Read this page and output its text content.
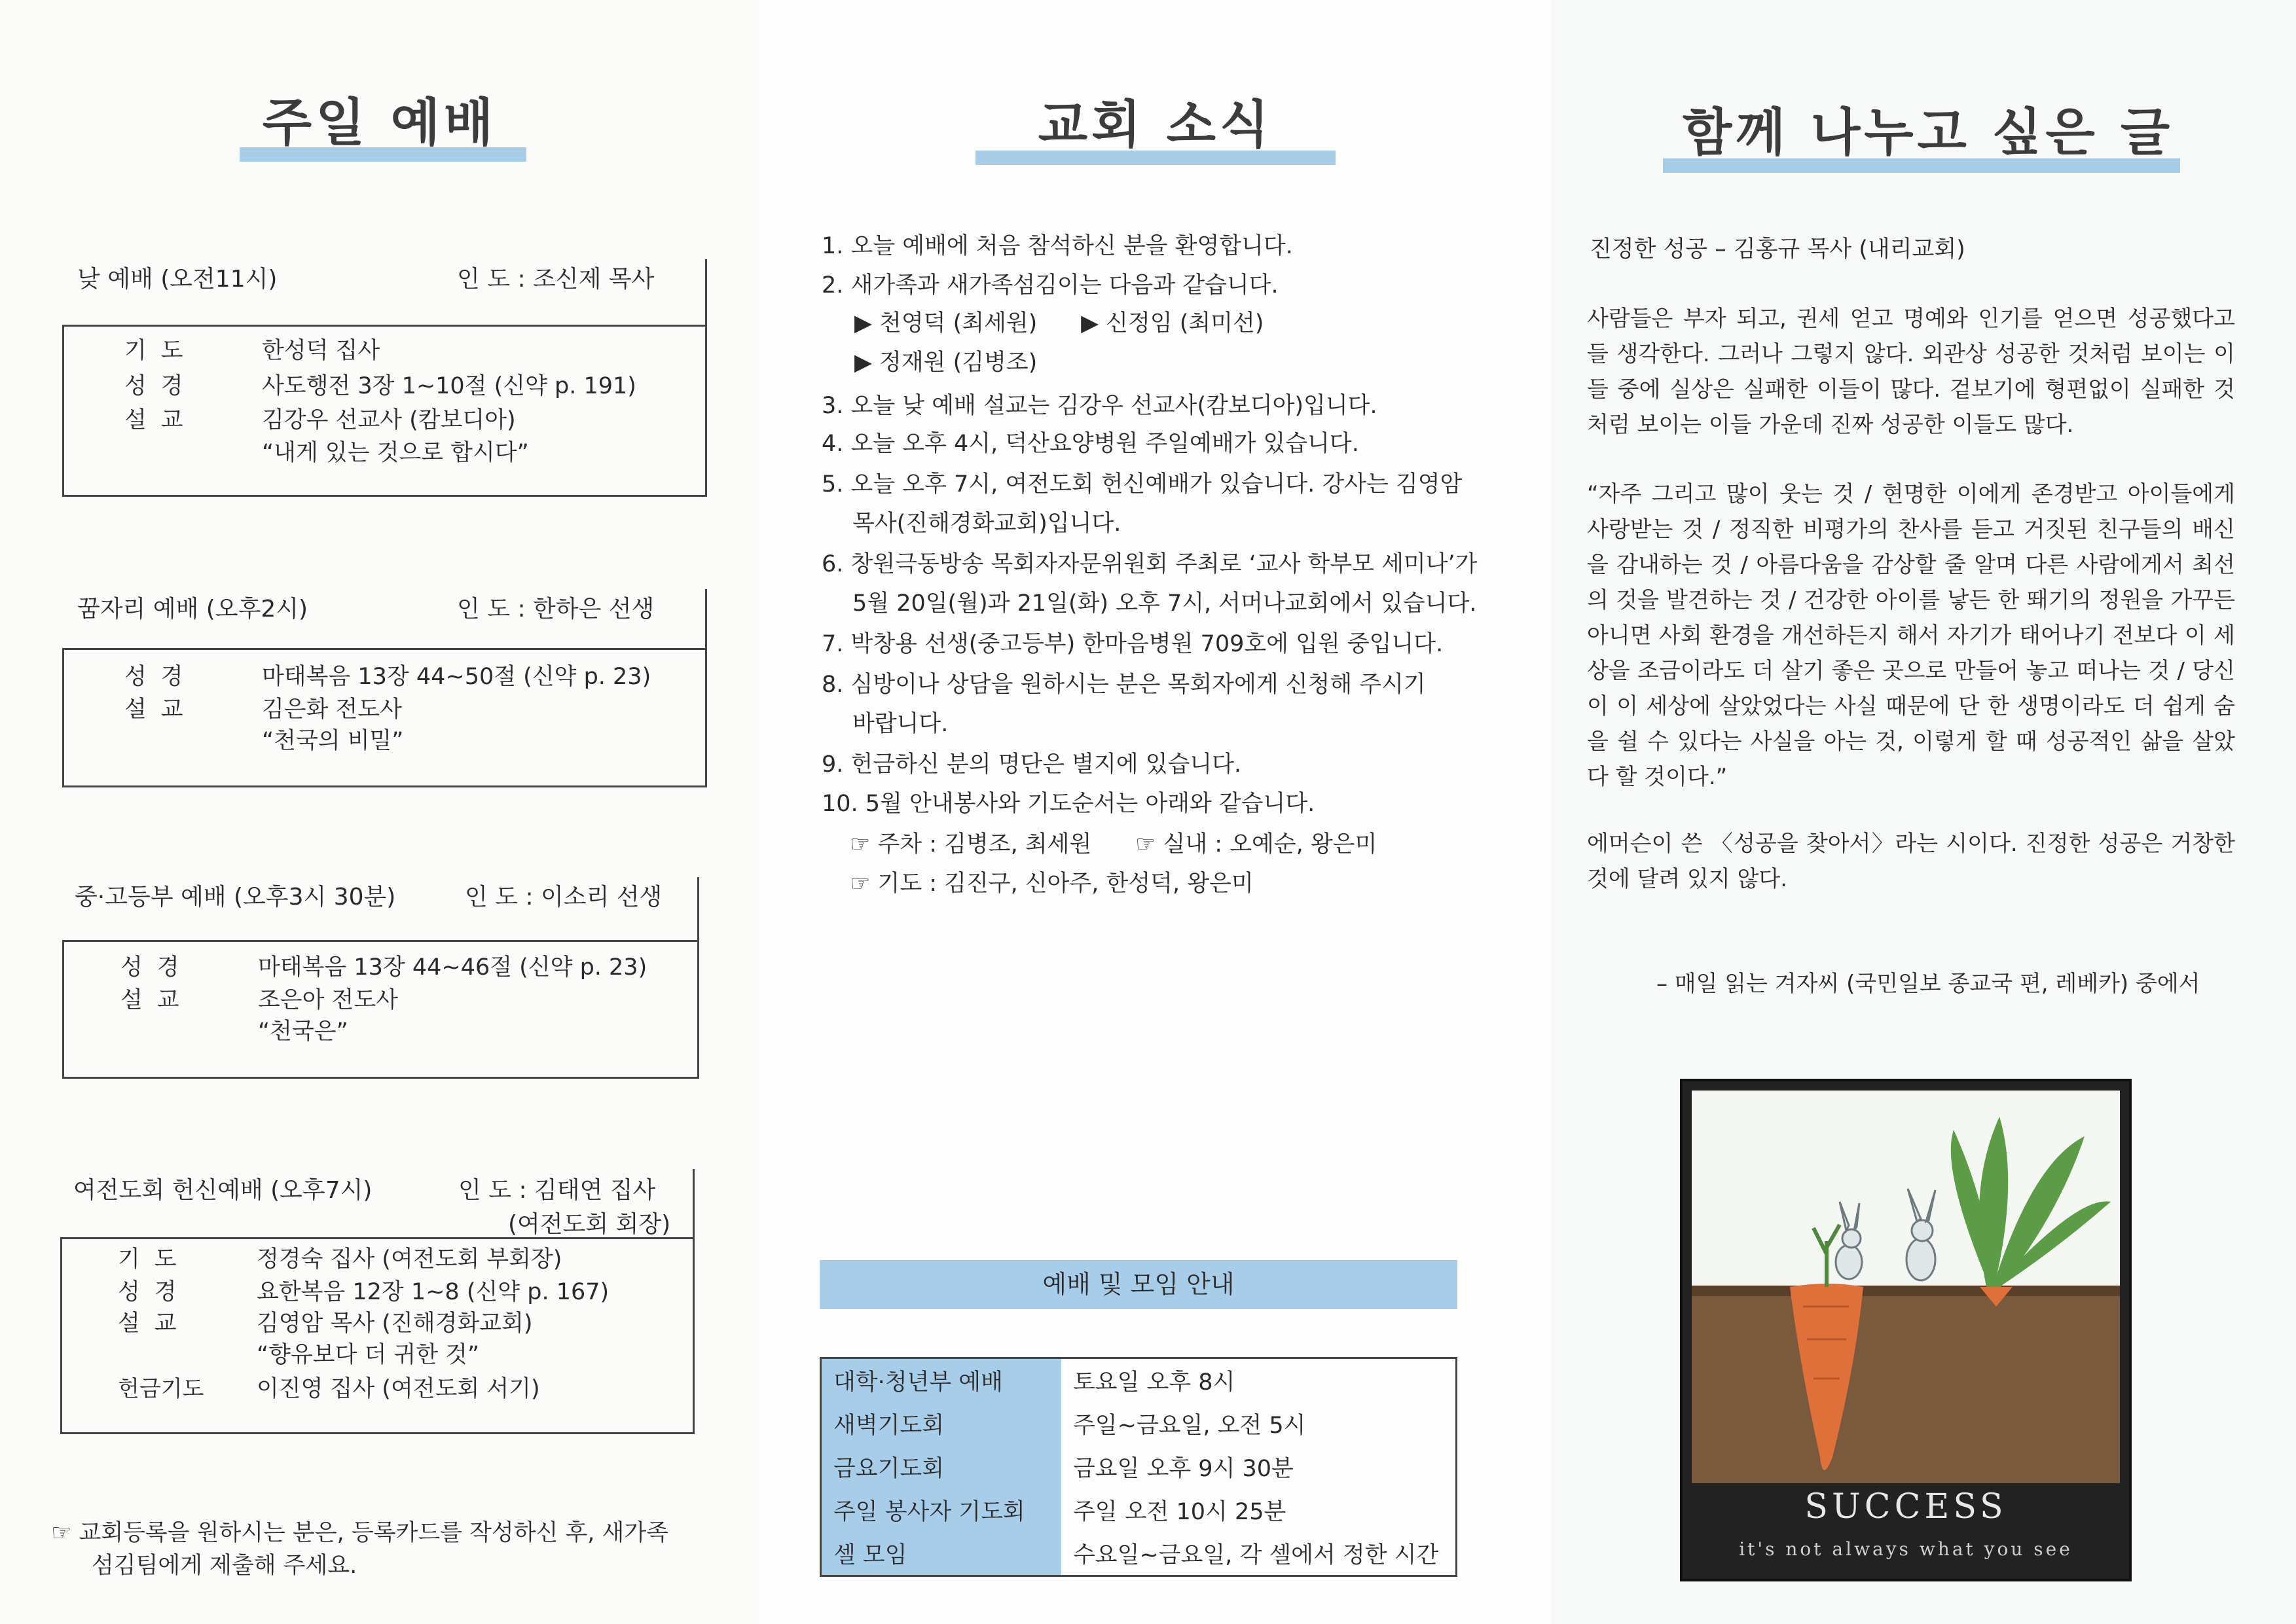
주일 예배
낮 예배 (오전11시)	인 도 : 조신제 목사
기도	한성덕 집사
성경	사도행전 3장 1~10절 (신약 p. 191)
설교	김강우 선교사 (캄보디아)
“내게 있는 것으로 합시다”
꿈자리 예배 (오후2시)	인 도 : 한하은 선생
성경	마태복음 13장 44~50절 (신약 p. 23)
설교	김은화 전도사
“천국의 비밀”
중·고등부 예배 (오후3시 30분)	인 도 : 이소리 선생
성경	마태복음 13장 44~46절 (신약 p. 23)
설교	조은아 전도사
“천국은”
여전도회 헌신예배 (오후7시)	인 도 : 김태연 집사
(여전도회 회장)
기도	정경숙 집사 (여전도회 부회장)
성경	요한복음 12장 1~8 (신약 p. 167)
설교	김영암 목사 (진해경화교회)
“향유보다 더 귀한 것”
헌금기도 이진영 집사 (여전도회 서기)
☞ 교회등록을 원하시는 분은, 등록카드를 작성하신 후, 새가족
섬김팀에게 제출해 주세요.
교회 소식
1. 오늘 예배에 처음 참석하신 분을 환영합니다.
2. 새가족과 새가족섬김이는 다음과 같습니다.
▶ 천영덕 (최세원)      ▶ 신정임 (최미선)
▶ 정재원 (김병조)
3. 오늘 낮 예배 설교는 김강우 선교사(캄보디아)입니다.
4. 오늘 오후 4시, 덕산요양병원 주일예배가 있습니다.
5. 오늘 오후 7시, 여전도회 헌신예배가 있습니다. 강사는 김영암
목사(진해경화교회)입니다.
6. 창원극동방송 목회자자문위원회 주최로 ‘교사 학부모 세미나’가
5월 20일(월)과 21일(화) 오후 7시, 서머나교회에서 있습니다.
7. 박창용 선생(중고등부) 한마음병원 709호에 입원 중입니다.
8. 심방이나 상담을 원하시는 분은 목회자에게 신청해 주시기
바랍니다.
9. 헌금하신 분의 명단은 별지에 있습니다.
10. 5월 안내봉사와 기도순서는 아래와 같습니다.
☞ 주차 : 김병조, 최세원      ☞ 실내 : 오예순, 왕은미
☞ 기도 : 김진구, 신아주, 한성덕, 왕은미
예배 및 모임 안내
대학·청년부 예배	토요일 오후 8시
새벽기도회	주일~금요일, 오전 5시
금요기도회	금요일 오후 9시 30분
주일 봉사자 기도회	주일 오전 10시 25분
셀 모임	수요일~금요일, 각 셀에서 정한 시간
함께 나누고 싶은 글
진정한 성공 – 김홍규 목사 (내리교회)
사람들은 부자 되고, 권세 얻고 명예와 인기를 얻으면 성공했다고 들 생각한다. 그러나 그렇지 않다. 외관상 성공한 것처럼 보이는 이들 중에 실상은 실패한 이들이 많다. 겉보기에 형편없이 실패한 것처럼 보이는 이들 가운데 진짜 성공한 이들도 많다.
“자주 그리고 많이 웃는 것 / 현명한 이에게 존경받고 아이들에게 사랑받는 것 / 정직한 비평가의 찬사를 듣고 거짓된 친구들의 배신을 감내하는 것 / 아름다움을 감상할 줄 알며 다른 사람에게서 최선의 것을 발견하는 것 / 건강한 아이를 낳든 한 뙈기의 정원을 가꾸든 아니면 사회 환경을 개선하든지 해서 자기가 태어나기 전보다 이 세상을 조금이라도 더 살기 좋은 곳으로 만들어 놓고 떠나는 것 / 당신이 이 세상에 살았었다는 사실 때문에 단 한 생명이라도 더 쉽게 숨을 쉴 수 있다는 사실을 아는 것, 이렇게 할 때 성공적인 삶을 살았다 할 것이다.”
에머슨이 쓴 〈성공을 찾아서〉라는 시이다. 진정한 성공은 거창한 것에 달려 있지 않다.
– 매일 읽는 겨자씨 (국민일보 종교국 편, 레베카) 중에서
SUCCESS
it's not always what you see
